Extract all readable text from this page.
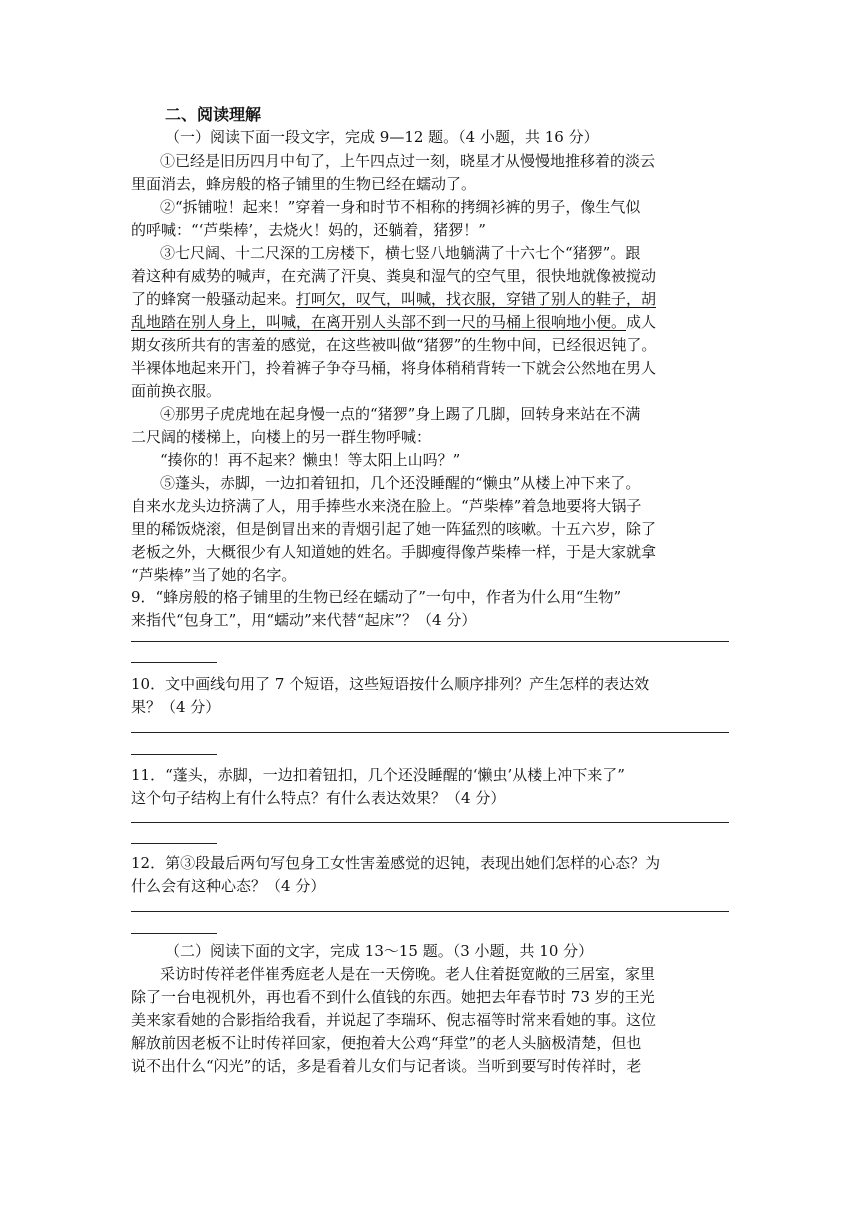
二、阅读理解
（一）阅读下面一段文字，完成 9—12 题。（4 小题，共 16 分）
①已经是旧历四月中旬了，上午四点过一刻，晓星才从慢慢地推移着的淡云
里面消去，蜂房般的格子铺里的生物已经在蠕动了。
②“拆铺啦！起来！”穿着一身和时节不相称的拷绸衫裤的男子，像生气似
的呼喊：“‘芦柴棒’，去烧火！妈的，还躺着，猪猡！”
③七尺阔、十二尺深的工房楼下，横七竖八地躺满了十六七个“猪猡”。跟
着这种有威势的喊声，在充满了汗臭、粪臭和湿气的空气里，很快地就像被搅动
了的蜂窝一般骚动起来。打呵欠，叹气，叫喊，找衣服，穿错了别人的鞋子，胡
乱地踏在别人身上，叫喊，在离开别人头部不到一尺的马桶上很响地小便。成人
期女孩所共有的害羞的感觉，在这些被叫做“猪猡”的生物中间，已经很迟钝了。
半裸体地起来开门，拎着裤子争夺马桶，将身体稍稍背转一下就会公然地在男人
面前换衣服。
④那男子虎虎地在起身慢一点的“猪猡”身上踢了几脚，回转身来站在不满
二尺阔的楼梯上，向楼上的另一群生物呼喊：
“揍你的！再不起来？懒虫！等太阳上山吗？”
⑤蓬头，赤脚，一边扣着钮扣，几个还没睡醒的“懒虫”从楼上冲下来了。
自来水龙头边挤满了人，用手捧些水来浇在脸上。“芦柴棒”着急地要将大锅子
里的稀饭烧滚，但是倒冒出来的青烟引起了她一阵猛烈的咳嗽。十五六岁，除了
老板之外，大概很少有人知道她的姓名。手脚瘦得像芦柴棒一样，于是大家就拿
“芦柴棒”当了她的名字。
9．“蜂房般的格子铺里的生物已经在蠕动了”一句中，作者为什么用“生物”
来指代“包身工”，用“蠕动”来代替“起床”？（4 分）
10．文中画线句用了 7 个短语，这些短语按什么顺序排列？产生怎样的表达效
果？（4 分）
11．“蓬头，赤脚，一边扣着钮扣，几个还没睡醒的‘懒虫’从楼上冲下来了”
这个句子结构上有什么特点？有什么表达效果？（4 分）
12．第③段最后两句写包身工女性害羞感觉的迟钝，表现出她们怎样的心态？为
什么会有这种心态？（4 分）
（二）阅读下面的文字，完成 13～15 题。（3 小题，共 10 分）
采访时传祥老伴崔秀庭老人是在一天傍晚。老人住着挺宽敞的三居室，家里
除了一台电视机外，再也看不到什么值钱的东西。她把去年春节时 73 岁的王光
美来家看她的合影指给我看，并说起了李瑞环、倪志福等时常来看她的事。这位
解放前因老板不让时传祥回家，便抱着大公鸡“拜堂”的老人头脑极清楚，但也
说不出什么“闪光”的话，多是看着儿女们与记者谈。当听到要写时传祥时，老
